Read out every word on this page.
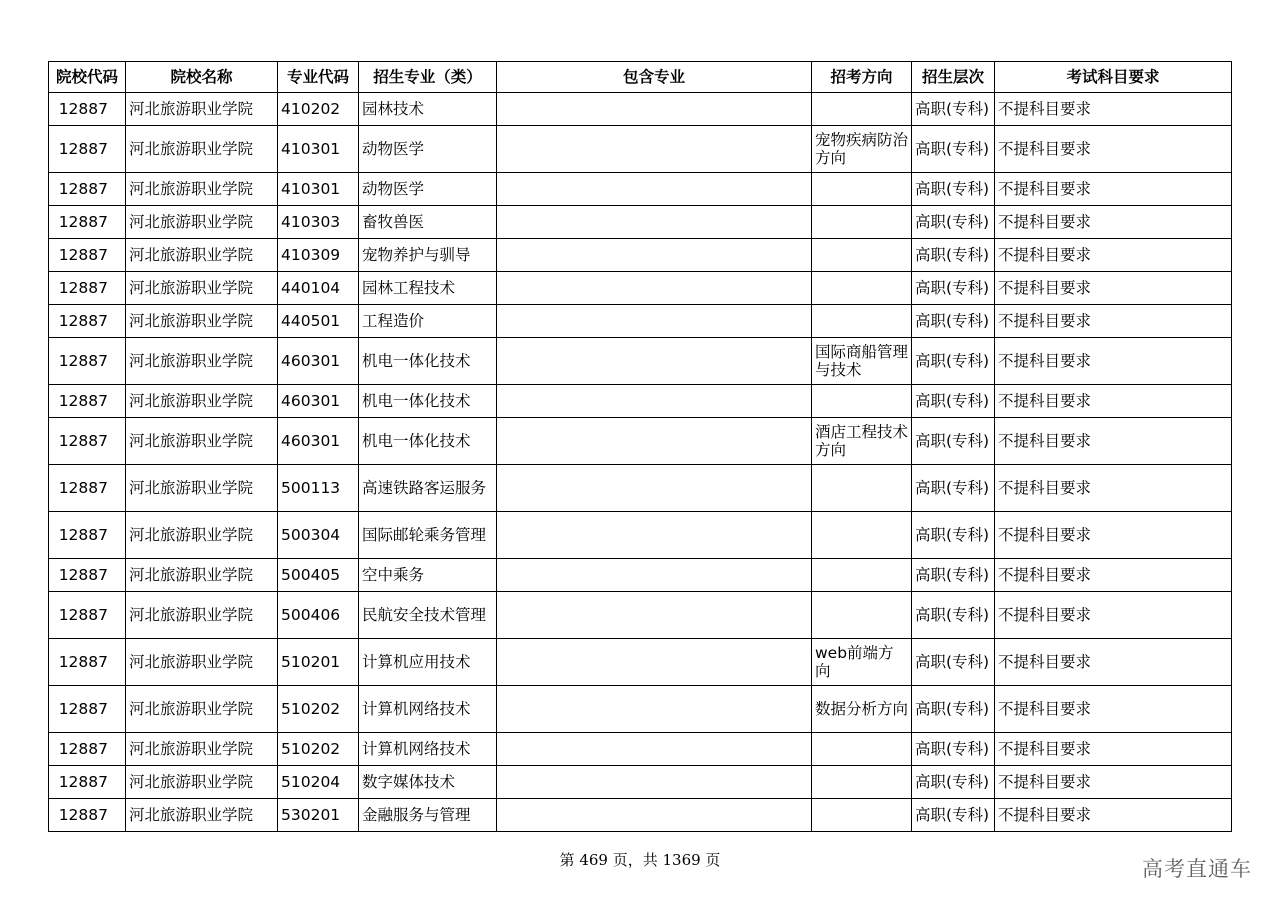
院校代码	院校名称	专业代码	招生专业（类）	包含专业	招考方向	招生层次	考试科目要求
12887	河北旅游职业学院	410202	园林技术			高职(专科)	不提科目要求
12887	河北旅游职业学院	410301	动物医学		宠物疾病防治方向	高职(专科)	不提科目要求
12887	河北旅游职业学院	410301	动物医学			高职(专科)	不提科目要求
12887	河北旅游职业学院	410303	畜牧兽医			高职(专科)	不提科目要求
12887	河北旅游职业学院	410309	宠物养护与驯导			高职(专科)	不提科目要求
12887	河北旅游职业学院	440104	园林工程技术			高职(专科)	不提科目要求
12887	河北旅游职业学院	440501	工程造价			高职(专科)	不提科目要求
12887	河北旅游职业学院	460301	机电一体化技术		国际商船管理与技术	高职(专科)	不提科目要求
12887	河北旅游职业学院	460301	机电一体化技术			高职(专科)	不提科目要求
12887	河北旅游职业学院	460301	机电一体化技术		酒店工程技术方向	高职(专科)	不提科目要求
12887	河北旅游职业学院	500113	高速铁路客运服务			高职(专科)	不提科目要求
12887	河北旅游职业学院	500304	国际邮轮乘务管理			高职(专科)	不提科目要求
12887	河北旅游职业学院	500405	空中乘务			高职(专科)	不提科目要求
12887	河北旅游职业学院	500406	民航安全技术管理			高职(专科)	不提科目要求
12887	河北旅游职业学院	510201	计算机应用技术		web前端方向	高职(专科)	不提科目要求
12887	河北旅游职业学院	510202	计算机网络技术		数据分析方向	高职(专科)	不提科目要求
12887	河北旅游职业学院	510202	计算机网络技术			高职(专科)	不提科目要求
12887	河北旅游职业学院	510204	数字媒体技术			高职(专科)	不提科目要求
12887	河北旅游职业学院	530201	金融服务与管理			高职(专科)	不提科目要求
第 469 页，共 1369 页	高考直通车
